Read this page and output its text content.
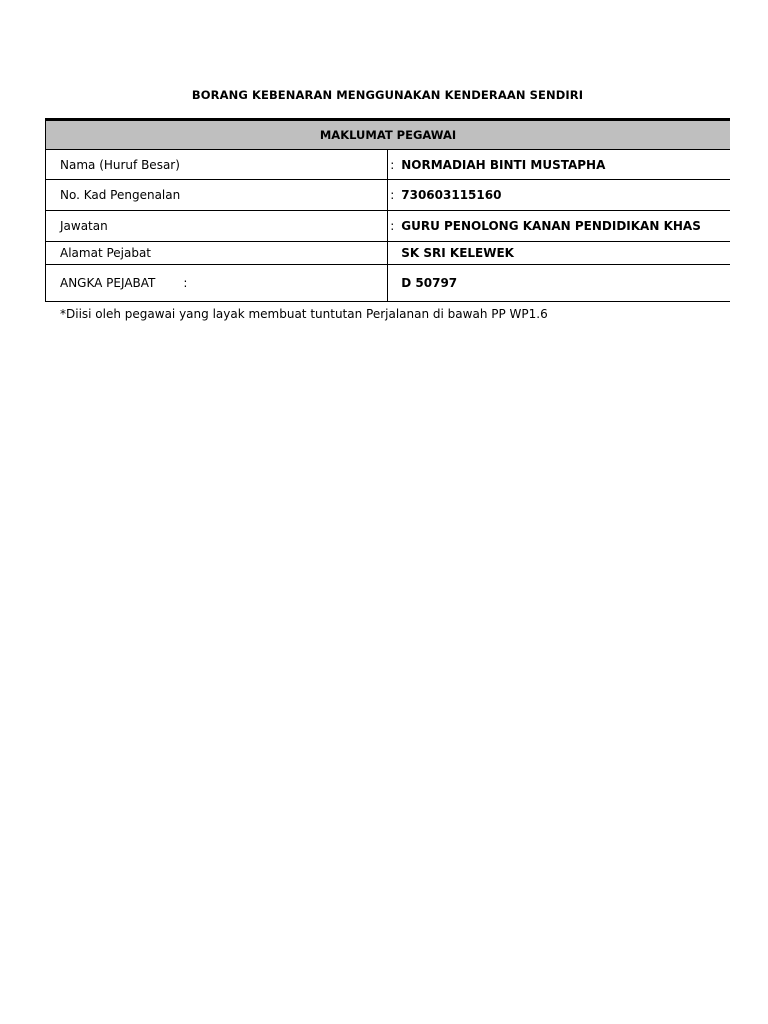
BORANG KEBENARAN MENGGUNAKAN KENDERAAN SENDIRI
MAKLUMAT PEGAWAI	
Nama (Huruf Besar)	: NORMADIAH BINTI MUSTAPHA
No. Kad Pengenalan	: 730603115160
Jawatan	: GURU PENOLONG KANAN PENDIDIKAN KHAS
Alamat Pejabat	SK SRI KELEWEK
ANGKA PEJABAT :	D 50797
*Diisi oleh pegawai yang layak membuat tuntutan Perjalanan di bawah PP WP1.6
